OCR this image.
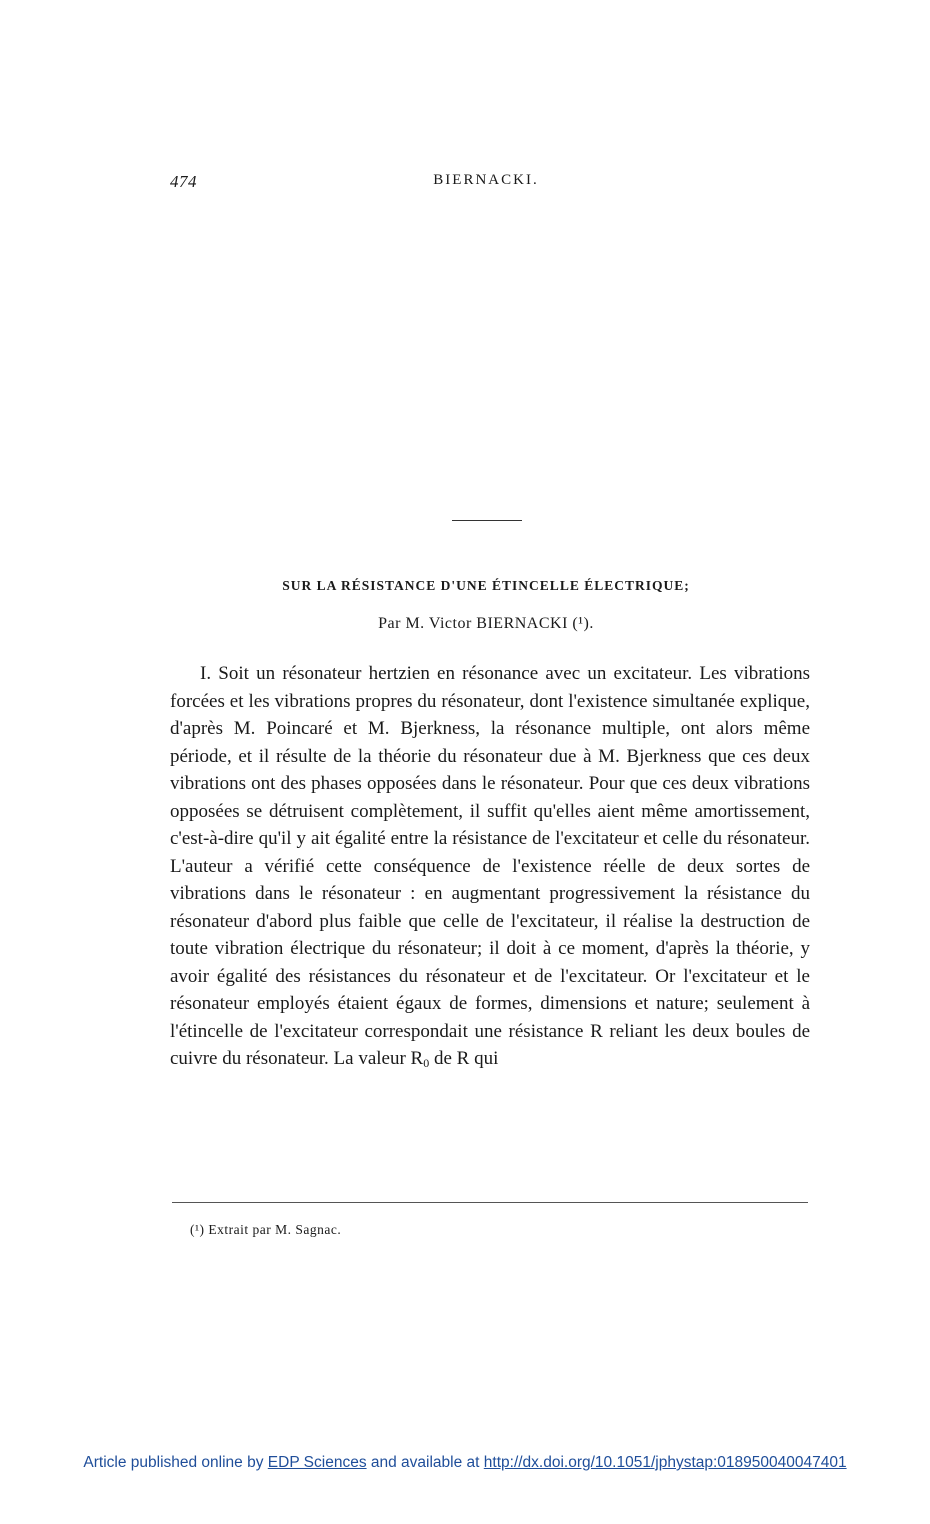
474	BIERNACKI.
SUR LA RÉSISTANCE D'UNE ÉTINCELLE ÉLECTRIQUE;
Par M. Victor BIERNACKI (¹).

I. Soit un résonateur hertzien en résonance avec un excitateur. Les vibrations forcées et les vibrations propres du résonateur, dont l'existence simultanée explique, d'après M. Poincaré et M. Bjerkness, la résonance multiple, ont alors même période, et il résulte de la théorie du résonateur due à M. Bjerkness que ces deux vibrations ont des phases opposées dans le résonateur. Pour que ces deux vibrations opposées se détruisent complètement, il suffit qu'elles aient même amortissement, c'est-à-dire qu'il y ait égalité entre la résistance de l'excitateur et celle du résonateur. L'auteur a vérifié cette conséquence de l'existence réelle de deux sortes de vibrations dans le résonateur : en augmentant progressivement la résistance du résonateur d'abord plus faible que celle de l'excitateur, il réalise la destruction de toute vibration électrique du résonateur; il doit à ce moment, d'après la théorie, y avoir égalité des résistances du résonateur et de l'excitateur. Or l'excitateur et le résonateur employés étaient égaux de formes, dimensions et nature; seulement à l'étincelle de l'excitateur correspondait une résistance R reliant les deux boules de cuivre du résonateur. La valeur $R_0$ de R qui

(¹) Extrait par M. Sagnac.
Article published online by EDP Sciences and available at http://dx.doi.org/10.1051/jphystap:018950040047401
